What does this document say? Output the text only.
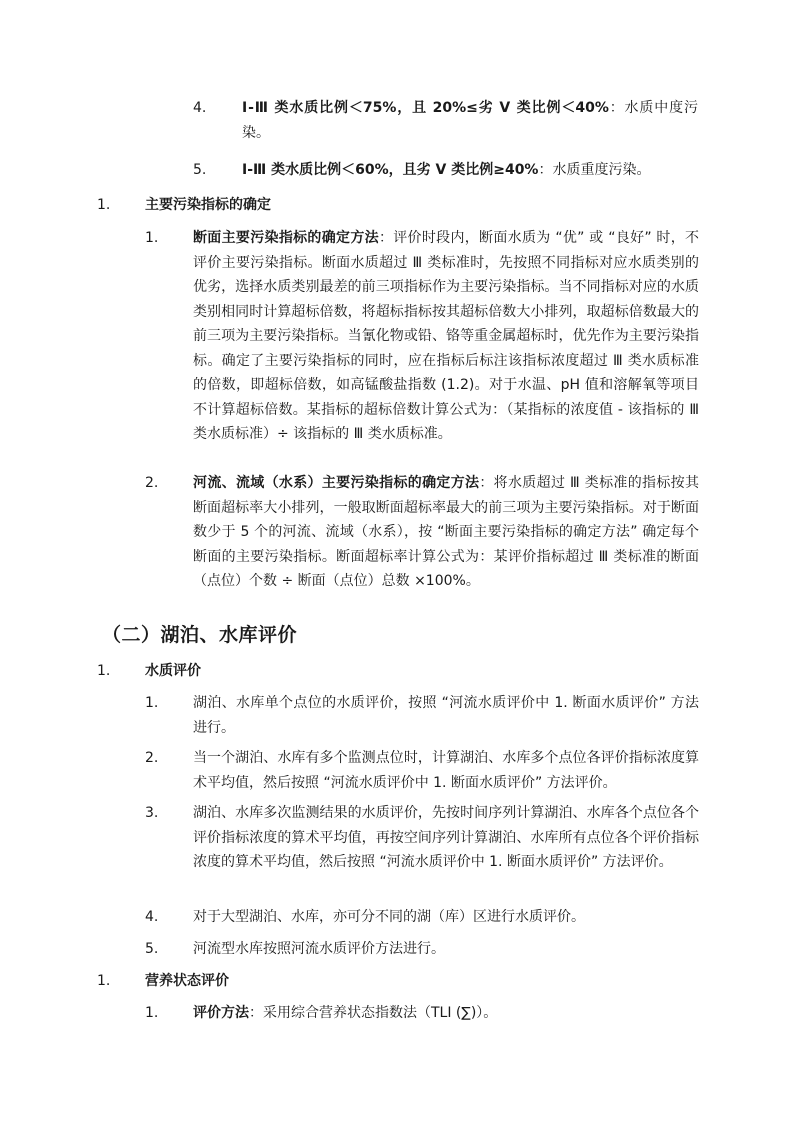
4.	Ⅰ-Ⅲ 类水质比例＜75%，且 20%≤劣 Ⅴ 类比例＜40%：水质中度污染。
5.	Ⅰ-Ⅲ 类水质比例＜60%，且劣 Ⅴ 类比例≥40%：水质重度污染。
1. 主要污染指标的确定
1. 断面主要污染指标的确定方法：评价时段内，断面水质为 “优” 或 “良好” 时，不评价主要污染指标。断面水质超过 Ⅲ 类标准时，先按照不同指标对应水质类别的优劣，选择水质类别最差的前三项指标作为主要污染指标。当不同指标对应的水质类别相同时计算超标倍数，将超标指标按其超标倍数大小排列，取超标倍数最大的前三项为主要污染指标。当氰化物或铅、铬等重金属超标时，优先作为主要污染指标。确定了主要污染指标的同时，应在指标后标注该指标浓度超过 Ⅲ 类水质标准的倍数，即超标倍数，如高锰酸盐指数 (1.2)。对于水温、pH 值和溶解氧等项目不计算超标倍数。某指标的超标倍数计算公式为：（某指标的浓度值 - 该指标的 Ⅲ 类水质标准）÷ 该指标的 Ⅲ 类水质标准。
2. 河流、流域（水系）主要污染指标的确定方法：将水质超过 Ⅲ 类标准的指标按其断面超标率大小排列，一般取断面超标率最大的前三项为主要污染指标。对于断面数少于 5 个的河流、流域（水系），按 “断面主要污染指标的确定方法” 确定每个断面的主要污染指标。断面超标率计算公式为：某评价指标超过 Ⅲ 类标准的断面（点位）个数 ÷ 断面（点位）总数 ×100%。
（二）湖泊、水库评价
1. 水质评价
1. 湖泊、水库单个点位的水质评价，按照 “河流水质评价中 1. 断面水质评价” 方法进行。
2. 当一个湖泊、水库有多个监测点位时，计算湖泊、水库多个点位各评价指标浓度算术平均值，然后按照 “河流水质评价中 1. 断面水质评价” 方法评价。
3. 湖泊、水库多次监测结果的水质评价，先按时间序列计算湖泊、水库各个点位各个评价指标浓度的算术平均值，再按空间序列计算湖泊、水库所有点位各个评价指标浓度的算术平均值，然后按照 “河流水质评价中 1. 断面水质评价” 方法评价。
4. 对于大型湖泊、水库，亦可分不同的湖（库）区进行水质评价。
5. 河流型水库按照河流水质评价方法进行。
1. 营养状态评价
1. 评价方法：采用综合营养状态指数法（TLI (∑)）。
